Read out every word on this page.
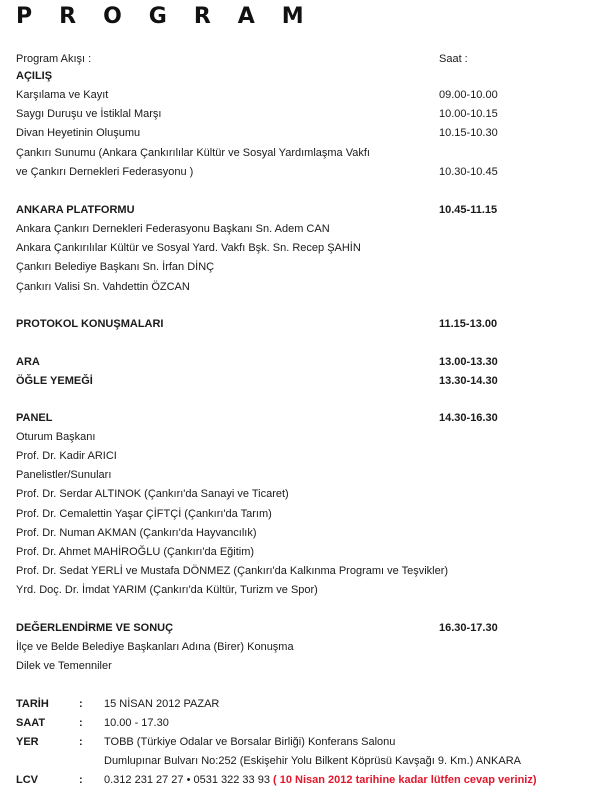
PROGRAM
Program Akışı :	Saat :
AÇILIŞ
Karşılama ve Kayıt	09.00-10.00
Saygı Duruşu ve İstiklal Marşı	10.00-10.15
Divan Heyetinin Oluşumu	10.15-10.30
Çankırı Sunumu (Ankara Çankırılılar Kültür ve Sosyal Yardımlaşma Vakfı
ve Çankırı Dernekleri Federasyonu )	10.30-10.45
ANKARA PLATFORMU	10.45-11.15
Ankara Çankırı Dernekleri Federasyonu Başkanı Sn. Adem CAN
Ankara Çankırılılar Kültür ve Sosyal Yard. Vakfı Bşk. Sn. Recep ŞAHİN
Çankırı Belediye Başkanı Sn. İrfan DİNÇ
Çankırı Valisi Sn. Vahdettin ÖZCAN
PROTOKOL KONUŞMALARI	11.15-13.00
ARA	13.00-13.30
ÖĞLE YEMEĞİ	13.30-14.30
PANEL	14.30-16.30
Oturum Başkanı
Prof. Dr. Kadir ARICI
Panelistler/Sunuları
Prof. Dr. Serdar ALTINOK (Çankırı'da Sanayi ve Ticaret)
Prof. Dr. Cemalettin Yaşar ÇİFTÇİ (Çankırı'da Tarım)
Prof. Dr. Numan AKMAN (Çankırı'da Hayvancılık)
Prof. Dr. Ahmet MAHİROĞLU (Çankırı'da Eğitim)
Prof. Dr. Sedat YERLİ ve Mustafa DÖNMEZ (Çankırı'da Kalkınma Programı ve Teşvikler)
Yrd. Doç. Dr. İmdat YARIM (Çankırı'da Kültür, Turizm ve Spor)
DEĞERLENDİRME VE SONUÇ	16.30-17.30
İlçe ve Belde Belediye Başkanları Adına (Birer) Konuşma
Dilek ve Temenniler
TARİH	: 15 NİSAN 2012 PAZAR
SAAT	: 10.00 - 17.30
YER	: TOBB (Türkiye Odalar ve Borsalar Birliği) Konferans Salonu
Dumlupınar Bulvarı No:252 (Eskişehir Yolu Bilkent Köprüsü Kavşağı 9. Km.) ANKARA
LCV	: 0.312 231 27 27 • 0531 322 33 93 ( 10 Nisan 2012 tarihine kadar lütfen cevap veriniz)
